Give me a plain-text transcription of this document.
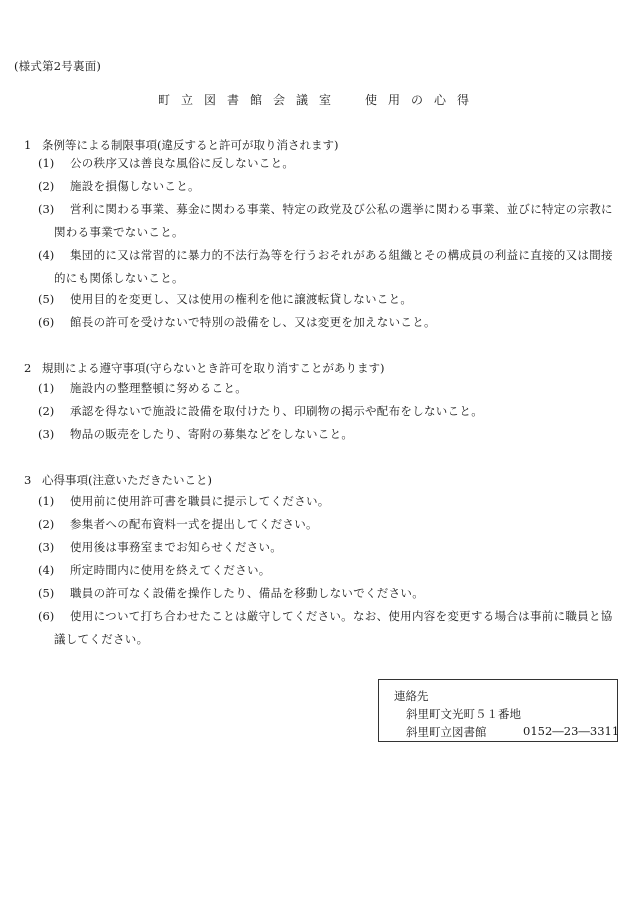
(様式第2号裏面)
町立図書館会議室　使用の心得
1 条例等による制限事項(違反すると許可が取り消されます)
(1)	公の秩序又は善良な風俗に反しないこと。
(2)	施設を損傷しないこと。
(3)	営利に関わる事業、募金に関わる事業、特定の政党及び公私の選挙に関わる事業、並びに特定の宗教に関わる事業でないこと。
(4)	集団的に又は常習的に暴力的不法行為等を行うおそれがある組織とその構成員の利益に直接的又は間接的にも関係しないこと。
(5)	使用目的を変更し、又は使用の権利を他に譲渡転貸しないこと。
(6)	館長の許可を受けないで特別の設備をし、又は変更を加えないこと。
2 規則による遵守事項(守らないとき許可を取り消すことがあります)
(1)	施設内の整理整頓に努めること。
(2)	承認を得ないで施設に設備を取付けたり、印刷物の掲示や配布をしないこと。
(3)	物品の販売をしたり、寄附の募集などをしないこと。
3 心得事項(注意いただきたいこと)
(1)	使用前に使用許可書を職員に提示してください。
(2)	参集者への配布資料一式を提出してください。
(3)	使用後は事務室までお知らせください。
(4)	所定時間内に使用を終えてください。
(5)	職員の許可なく設備を操作したり、備品を移動しないでください。
(6)	使用について打ち合わせたことは厳守してください。なお、使用内容を変更する場合は事前に職員と協議してください。
連絡先
斜里町文光町５１番地
斜里町立図書館	0152―23―3311
